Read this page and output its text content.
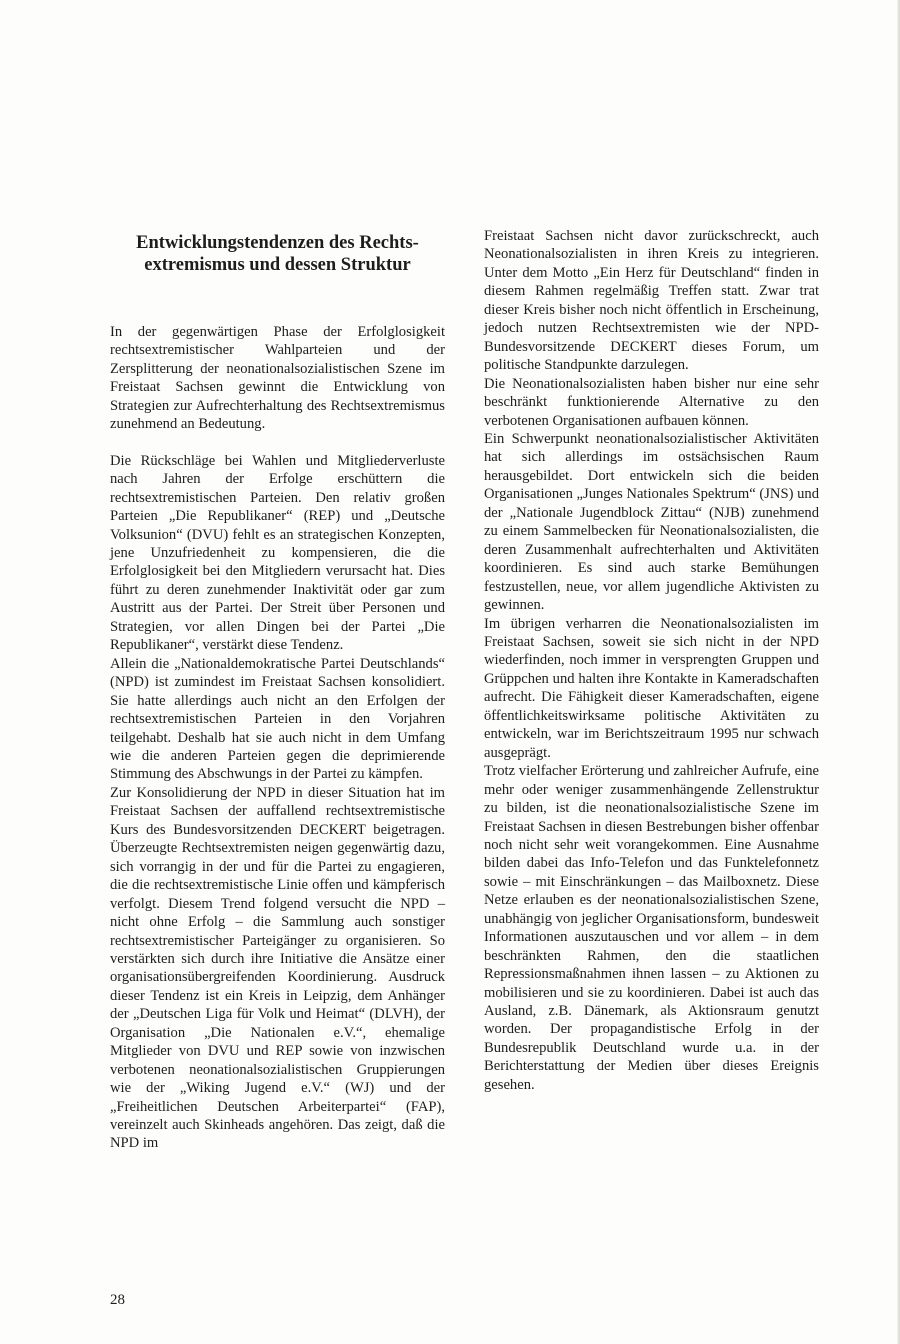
Entwicklungstendenzen des Rechts-
extremismus und dessen Struktur

In der gegenwärtigen Phase der Erfolglosigkeit rechtsextremistischer Wahlparteien und der Zersplitterung der neonationalsozialistischen Szene im Freistaat Sachsen gewinnt die Entwicklung von Strategien zur Aufrechterhaltung des Rechtsextremismus zunehmend an Bedeutung.

Die Rückschläge bei Wahlen und Mitgliederverluste nach Jahren der Erfolge erschüttern die rechtsextremistischen Parteien. Den relativ großen Parteien „Die Republikaner“ (REP) und „Deutsche Volksunion“ (DVU) fehlt es an strategischen Konzepten, jene Unzufriedenheit zu kompensieren, die die Erfolglosigkeit bei den Mitgliedern verursacht hat. Dies führt zu deren zunehmender Inaktivität oder gar zum Austritt aus der Partei. Der Streit über Personen und Strategien, vor allen Dingen bei der Partei „Die Republikaner“, verstärkt diese Tendenz.

Allein die „Nationaldemokratische Partei Deutschlands“ (NPD) ist zumindest im Freistaat Sachsen konsolidiert. Sie hatte allerdings auch nicht an den Erfolgen der rechtsextremistischen Parteien in den Vorjahren teilgehabt. Deshalb hat sie auch nicht in dem Umfang wie die anderen Parteien gegen die deprimierende Stimmung des Abschwungs in der Partei zu kämpfen.

Zur Konsolidierung der NPD in dieser Situation hat im Freistaat Sachsen der auffallend rechtsextremistische Kurs des Bundesvorsitzenden DECKERT beigetragen. Überzeugte Rechtsextremisten neigen gegenwärtig dazu, sich vorrangig in der und für die Partei zu engagieren, die die rechtsextremistische Linie offen und kämpferisch verfolgt. Diesem Trend folgend versucht die NPD – nicht ohne Erfolg – die Sammlung auch sonstiger rechtsextremistischer Parteigänger zu organisieren. So verstärkten sich durch ihre Initiative die Ansätze einer organisationsübergreifenden Koordinierung. Ausdruck dieser Tendenz ist ein Kreis in Leipzig, dem Anhänger der „Deutschen Liga für Volk und Heimat“ (DLVH), der Organisation „Die Nationalen e.V.“, ehemalige Mitglieder von DVU und REP sowie von inzwischen verbotenen neonationalsozialistischen Gruppierungen wie der „Wiking Jugend e.V.“ (WJ) und der „Freiheitlichen Deutschen Arbeiterpartei“ (FAP), vereinzelt auch Skinheads angehören. Das zeigt, daß die NPD im

Freistaat Sachsen nicht davor zurückschreckt, auch Neonationalsozialisten in ihren Kreis zu integrieren. Unter dem Motto „Ein Herz für Deutschland“ finden in diesem Rahmen regelmäßig Treffen statt. Zwar trat dieser Kreis bisher noch nicht öffentlich in Erscheinung, jedoch nutzen Rechtsextremisten wie der NPD-Bundesvorsitzende DECKERT dieses Forum, um politische Standpunkte darzulegen.

Die Neonationalsozialisten haben bisher nur eine sehr beschränkt funktionierende Alternative zu den verbotenen Organisationen aufbauen können.

Ein Schwerpunkt neonationalsozialistischer Aktivitäten hat sich allerdings im ostsächsischen Raum herausgebildet. Dort entwickeln sich die beiden Organisationen „Junges Nationales Spektrum“ (JNS) und der „Nationale Jugendblock Zittau“ (NJB) zunehmend zu einem Sammelbecken für Neonationalsozialisten, die deren Zusammenhalt aufrechterhalten und Aktivitäten koordinieren. Es sind auch starke Bemühungen festzustellen, neue, vor allem jugendliche Aktivisten zu gewinnen.

Im übrigen verharren die Neonationalsozialisten im Freistaat Sachsen, soweit sie sich nicht in der NPD wiederfinden, noch immer in versprengten Gruppen und Grüppchen und halten ihre Kontakte in Kameradschaften aufrecht. Die Fähigkeit dieser Kameradschaften, eigene öffentlichkeitswirksame politische Aktivitäten zu entwickeln, war im Berichtszeitraum 1995 nur schwach ausgeprägt.

Trotz vielfacher Erörterung und zahlreicher Aufrufe, eine mehr oder weniger zusammenhängende Zellenstruktur zu bilden, ist die neonationalsozialistische Szene im Freistaat Sachsen in diesen Bestrebungen bisher offenbar noch nicht sehr weit vorangekommen. Eine Ausnahme bilden dabei das Info-Telefon und das Funktelefonnetz sowie – mit Einschränkungen – das Mailboxnetz. Diese Netze erlauben es der neonationalsozialistischen Szene, unabhängig von jeglicher Organisationsform, bundesweit Informationen auszutauschen und vor allem – in dem beschränkten Rahmen, den die staatlichen Repressionsmaßnahmen ihnen lassen – zu Aktionen zu mobilisieren und sie zu koordinieren. Dabei ist auch das Ausland, z.B. Dänemark, als Aktionsraum genutzt worden. Der propagandistische Erfolg in der Bundesrepublik Deutschland wurde u.a. in der Berichterstattung der Medien über dieses Ereignis gesehen.

28
